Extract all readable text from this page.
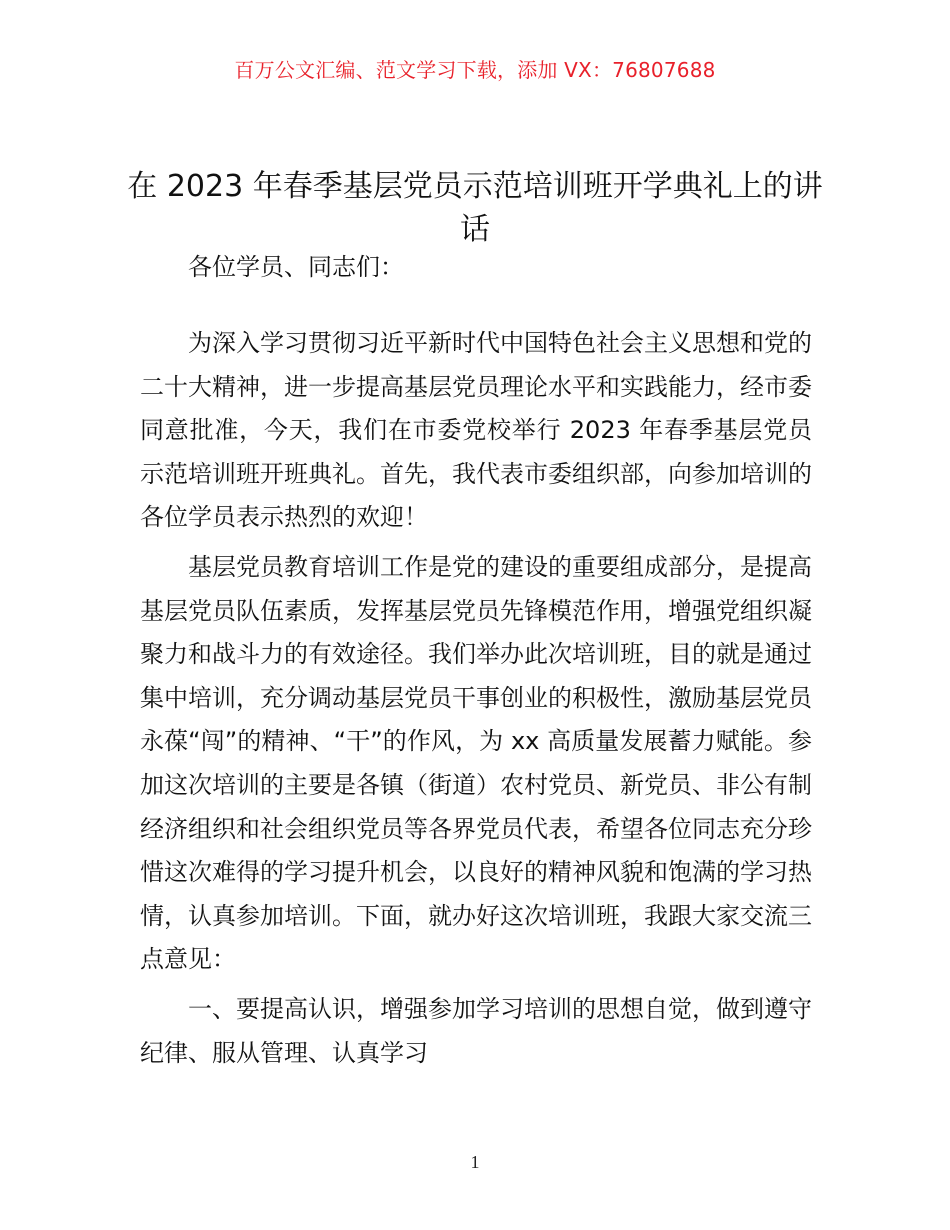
百万公文汇编、范文学习下载，添加 VX：76807688
在 2023 年春季基层党员示范培训班开学典礼上的讲话
各位学员、同志们：

为深入学习贯彻习近平新时代中国特色社会主义思想和党的二十大精神，进一步提高基层党员理论水平和实践能力，经市委同意批准，今天，我们在市委党校举行 2023 年春季基层党员示范培训班开班典礼。首先，我代表市委组织部，向参加培训的各位学员表示热烈的欢迎！

基层党员教育培训工作是党的建设的重要组成部分，是提高基层党员队伍素质，发挥基层党员先锋模范作用，增强党组织凝聚力和战斗力的有效途径。我们举办此次培训班，目的就是通过集中培训，充分调动基层党员干事创业的积极性，激励基层党员永葆“闯”的精神、“干”的作风，为 xx 高质量发展蓄力赋能。参加这次培训的主要是各镇（街道）农村党员、新党员、非公有制经济组织和社会组织党员等各界党员代表，希望各位同志充分珍惜这次难得的学习提升机会，以良好的精神风貌和饱满的学习热情，认真参加培训。下面，就办好这次培训班，我跟大家交流三点意见：

一、要提高认识，增强参加学习培训的思想自觉，做到遵守纪律、服从管理、认真学习

1
